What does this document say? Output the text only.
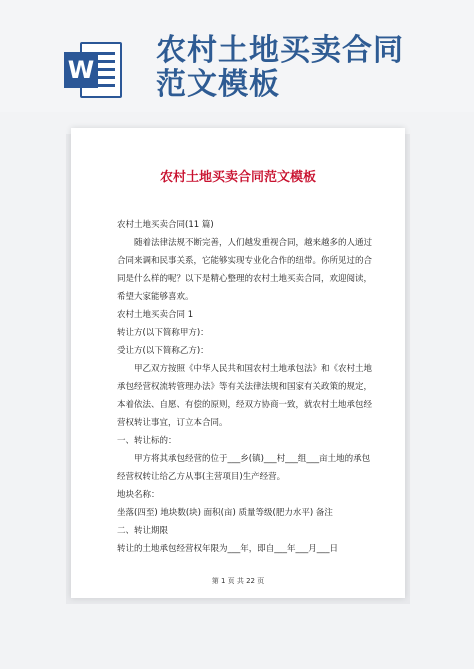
W
农村土地买卖合同
范文模板
农村土地买卖合同范文模板

农村土地买卖合同(11 篇)

随着法律法规不断完善，人们越发重视合同，越来越多的人通过合同来调和民事关系，它能够实现专业化合作的纽带。你所见过的合同是什么样的呢？以下是精心整理的农村土地买卖合同，欢迎阅读，希望大家能够喜欢。

农村土地买卖合同 1

转让方(以下简称甲方)：

受让方(以下简称乙方)：

甲乙双方按照《中华人民共和国农村土地承包法》和《农村土地承包经营权流转管理办法》等有关法律法规和国家有关政策的规定，本着依法、自愿、有偿的原则，经双方协商一致，就农村土地承包经营权转让事宜，订立本合同。

一、转让标的：

甲方将其承包经营的位于___乡(镇)___村___组___亩土地的承包经营权转让给乙方从事(主营项目)生产经营。

地块名称：

坐落(四至) 地块数(块) 面积(亩) 质量等级(肥力水平) 备注

二、转让期限

转让的土地承包经营权年限为___年，即自___年___月___日

第 1 页 共 22 页
